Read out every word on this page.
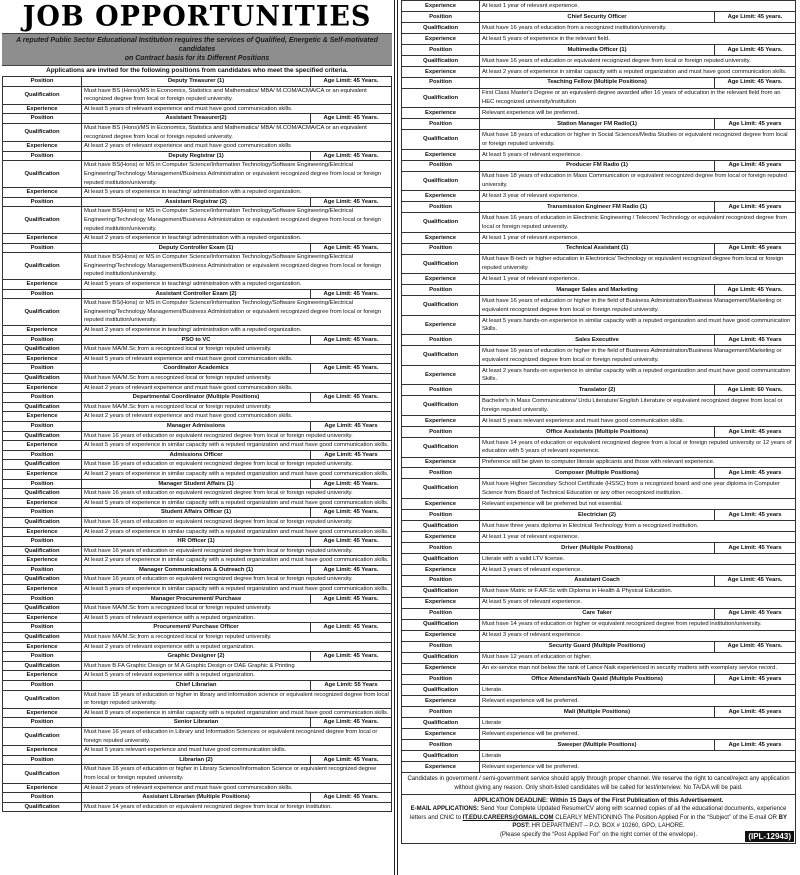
JOB OPPORTUNITIES
A reputed Public Sector Educational Institution requires the services of Qualified, Energetic & Self-motivated candidates
on Contract basis for its Different Positions
Applications are invited for the following positions from candidates who meet the specified criteria.
Position	Deputy Treasurer (1)	Age Limit: 45 Years.
Qualification
Must have BS (Hons)/MS in Economics, Statistics and Mathematics/ MBA/ M.COM/ACMA/CA or an equivalent recognized degree from local or foreign reputed university.
Experience	At least 5 years of relevant experience and must have good communication skills.
Position	Assistant Treasurer(2)	Age Limit: 45 Years.
Qualification
Must have BS (Hons)/MS in Economics, Statistics and Mathematics/ MBA/ M.COM/ACMA/CA or an equivalent recognized degree from local or foreign reputed university.
Experience	At least 2 years of relevant experience and must have good communication skills
Position	Deputy Registrar (1)	Age Limit: 45 Years.
Qualification
Must have BS(Hons) or MS in Computer Science/Information Technology/Software Engineering/Electrical Engineering/Technology Management/Business Administration or equivalent recognized degree from local or foreign reputed institution/university.
Experience	At least 5 years of experience in teaching/ administration with a reputed organization.
Position	Assistant Registrar (2)	Age Limit: 45 Years.
Qualification
Must have BS(Hons) or MS in Computer Science/Information Technology/Software Engineering/Electrical Engineering/Technology Management/Business Administration or equivalent recognized degree from local or foreign reputed institution/university.
Experience	At least 2 years of experience in teaching/ administration with a reputed organization.
Position	Deputy Controller Exam (1)	Age Limit: 45 Years.
Qualification
Must have BS(Hons) or MS in Computer Science/Information Technology/Software Engineering/Electrical Engineering/Technology Management/Business Administration or equivalent recognized degree from local or foreign reputed institution/university.
Experience	At least 5 years of experience in teaching/ administration with a reputed organization.
Position	Assistant Controller Exam (2)	Age Limit: 45 Years.
Qualification
Must have BS(Hons) or MS in Computer Science/Information Technology/Software Engineering/Electrical Engineering/Technology Management/Business Administration or equivalent recognized degree from local or foreign reputed institution/university.
Experience	At least 2 years of experience in teaching/ administration with a reputed organization.
Position	PSO to VC	Age Limit: 45 Years.
Qualification	Must have MA/M.Sc from a recognized local or foreign reputed university.
Experience	At least 5 years of relevant experience and must have good communication skills.
Position	Coordinator Academics	Age Limit: 45 Years.
Qualification	Must have MA/M.Sc from a recognized local or foreign reputed university.
Experience	At least 2 years of relevant experience and must have good communication skills.
Position	Departmental Coordinator (Multiple Positions)	Age Limit: 45 Years.
Qualification	Must have MA/M.Sc from a recognized local or foreign reputed university.
Experience	At least 2 years of relevant experience and must have good communication skills.
Position	Manager Admissions	Age Limit: 45 Years
Qualification	Must have 16 years of education or equivalent recognized degree from local or foreign reputed university.
Experience	At least 5 years of experience in similar capacity with a reputed organization and must have good communication skills.
Position	Admissions Officer	Age Limit: 45 Years
Qualification	Must have 16 years of education or equivalent recognized degree from local or foreign reputed university.
Experience	At least 2 years of experience in similar capacity with a reputed organization and must have good communication skills.
Position	Manager Student Affairs (1)	Age Limit: 45 Years.
Qualification	Must have 16 years of education or equivalent recognized degree from local or foreign reputed university.
Experience	At least 5 years of experience in similar capacity with a reputed organization and must have good communication skills.
Position	Student Affairs Officer (1)	Age Limit: 45 Years.
Qualification	Must have 16 years of education or equivalent recognized degree from local or foreign reputed university.
Experience	At least 2 years of experience in similar capacity with a reputed organization and must have good communication skills.
Position	HR Officer (1)	Age Limit: 45 Years.
Qualification	Must have 16 years of education or equivalent recognized degree from local or foreign reputed university.
Experience	At least 2 years of experience in similar capacity with a reputed organization and must have good communication skills.
Position	Manager Communications & Outreach (1)	Age Limit: 45 Years.
Qualification	Must have 16 years of education or equivalent recognized degree from local or foreign reputed university.
Experience	At least 5 years of experience in similar capacity with a reputed organization and must have good communication skills.
Position	Manager Procurement/ Purchase	Age Limit: 45 Years.
Qualification	Must have MA/M.Sc from a recognized local or foreign reputed university.
Experience	At least 5 years of relevant experience with a reputed organization.
Position	Procurement/ Purchase Officer	Age Limit: 45 Years.
Qualification	Must have MA/M.Sc from a recognized local or foreign reputed university.
Experience	At least 2 years of relevant experience with a reputed organization.
Position	Graphic Designer (2)	Age Limit: 45 Years.
Qualification	Must have B.FA Graphic Design or M.A Graphic Design or DAE Graphic & Printing
Experience	At least 5 years of relevant experience with a reputed organization.
Position	Chief Librarian	Age Limit: 55 Years
Qualification
Must have 18 years of education or higher in library and information science or equivalent recognized degree from local or foreign reputed university.
Experience	At least 8 years of experience in similar capacity with a reputed organization and must have good communication skills.
Position	Senior Librarian	Age Limit: 45 Years.
Qualification
Must have 16 years of education in Library and Information Sciences or equivalent recognized degree from local or foreign reputed university.
Experience	At least 5 years relevant experience and must have good communication skills.
Position	Librarian (2)	Age Limit: 45 Years.
Qualification
Must have 16 years of education or higher in Library Science/Information Science or equivalent recognized degree from local or foreign reputed university.
Experience	At least 2 years of relevant experience and must have good communication skills.
Position	Assistant Librarian (Multiple Positions)	Age Limit: 45 Years.
Qualification	Must have 14 years of education or equivalent recognized degree from local or foreign institution.
Experience	At least 1 year of relevant experience.
Position	Chief Security Officer	Age Limit: 45 years.
Qualification	Must have 16 years of education from a recognized institution/university.
Experience	At least 5 years of experience in the relevant field.
Position	Multimedia Officer (1)	Age Limit: 45 Years.
Qualification	Must have 16 years of education or equivalent recognized degree from local or foreign reputed university.
Experience	At least 2 years of experience in similar capacity with a reputed organization and must have good communication skills.
Position	Teaching Fellow (Multiple Positions)	Age Limit: 45 Years.
Qualification
First Class Master's Degree or an equivalent degree awarded after 16 years of education in the relevant field from an HEC recognized university/institution
Experience	Relevant experience will be preferred.
Position	Station Manager FM Radio(1)	Age Limit: 45 years
Qualification
Must have 18 years of education or higher in Social Sciences/Media Studies or equivalent recognized degree from local or foreign reputed university.
Experience	At least 5 years of relevant experience.
Position	Producer FM Radio (1)	Age Limit: 45 years
Qualification
Must have 18 years of education in Mass Communication or equivalent recognized degree from local or foreign reputed university.
Experience	At least 3 year of relevant experience.
Position	Transmission Engineer FM Radio (1)	Age Limit: 45 years
Qualification
Must have 16 years of education in Electronic Engineering / Telecom/ Technology or equivalent recognized degree from local or foreign reputed university.
Experience	At least 1 year of relevant experience.
Position	Technical Assistant (1)	Age Limit: 45 years
Qualification
Must have B-tech or higher education in Electronics/ Technology or equivalent recognized degree from local or foreign reputed university.
Experience	At least 1 year of relevant experience.
Position	Manager Sales and Marketing	Age Limit: 45 Years.
Qualification
Must have 16 years of education or higher in the field of Business Administration/Business Management/Marketing or equivalent recognized degree from local or foreign reputed university.
Experience
At least 5 years hands-on experience in similar capacity with a reputed organization and must have good communication Skills.
Position	Sales Executive	Age Limit: 45 Years
Qualification
Must have 16 years of education or higher in the field of Business Administration/Business Management/Marketing or equivalent recognized degree from local or foreign reputed university.
Experience
At least 2 years hands-on experience in similar capacity with a reputed organization and must have good communication Skills.
Position	Translator (2)	Age Limit: 60 Years.
Qualification
Bachelor's in Mass Communications/ Urdu Literature/ English Literature or equivalent recognized degree from local or foreign reputed university.
Experience	At least 5 years relevant experience and must have good communication skills.
Position	Office Assistants (Multiple Positions)	Age Limit: 45 years
Qualification
Must have 14 years of education or equivalent recognized degree from a local or foreign reputed university or 12 years of education with 5 years of relevant experience.
Experience	Preference will be given to computer literate applicants and those with relevant experience.
Position	Composer (Multiple Positions)	Age Limit: 45 years
Qualification
Must have Higher Secondary School Certificate (HSSC) from a recognized board and one year diploma in Computer Science from Board of Technical Education or any other recognized institution.
Experience	Relevant experience will be preferred but not essential.
Position	Electrician (2)	Age Limit: 45 years
Qualification	Must have three years diploma in Electrical Technology from a recognized institution.
Experience	At least 1 year of relevant experience.
Position	Driver (Multiple Positions)	Age Limit: 45 Years
Qualification	Literate with a valid LTV license.
Experience	At least 3 years of relevant experience.
Position	Assistant Coach	Age Limit: 45 Years.
Qualification	Must have Matric or F.A/F.Sc with Diploma in Health & Physical Education.
Experience	At least 5 years of relevant experience.
Position	Care Taker	Age Limit: 45 Years
Qualification	Must have 14 years of education or higher or equivalent recognized degree from reputed institution/university.
Experience	At least 3 years of relevant experience.
Position	Security Guard (Multiple Positions)	Age Limit: 45 Years.
Qualification	Must have 12 years of education or higher.
Experience	An ex-service man not below the rank of Lance Naik experienced in security matters with exemplary service record.
Position	Office Attendant/Naib Qasid (Multiple Positions)	Age Limit: 45 years
Qualification	Literate.
Experience	Relevant experience will be preferred.
Position	Mali (Multiple Positions)	Age Limit: 45 years
Qualification	Literate
Experience	Relevant experience will be preferred.
Position	Sweeper (Multiple Positions)	Age Limit: 45 years
Qualification	Literate
Experience	Relevant experience will be preferred.
Candidates in government / semi-government service should apply through proper channel. We reserve the right to cancel/reject any application without giving any reason. Only short-listed candidates will be called for test/interview. No TA/DA will be paid.
APPLICATION DEADLINE: Within 15 Days of the First Publication of this Advertisement.
E-MAIL APPLICATIONS: Send Your Complete Updated Resume/CV along with scanned copies of all the educational documents, experience letters and CNIC to IT.EDU.CAREERS@GMAIL.COM CLEARLY MENTIONING The Position Applied For in the “Subject” of the E-mail OR BY POST: HR DEPARTMENT – P.O. BOX # 10260, GPO, LAHORE.
(Please specify the “Post Applied For” on the right corner of the envelope).	(IPL-12943)
